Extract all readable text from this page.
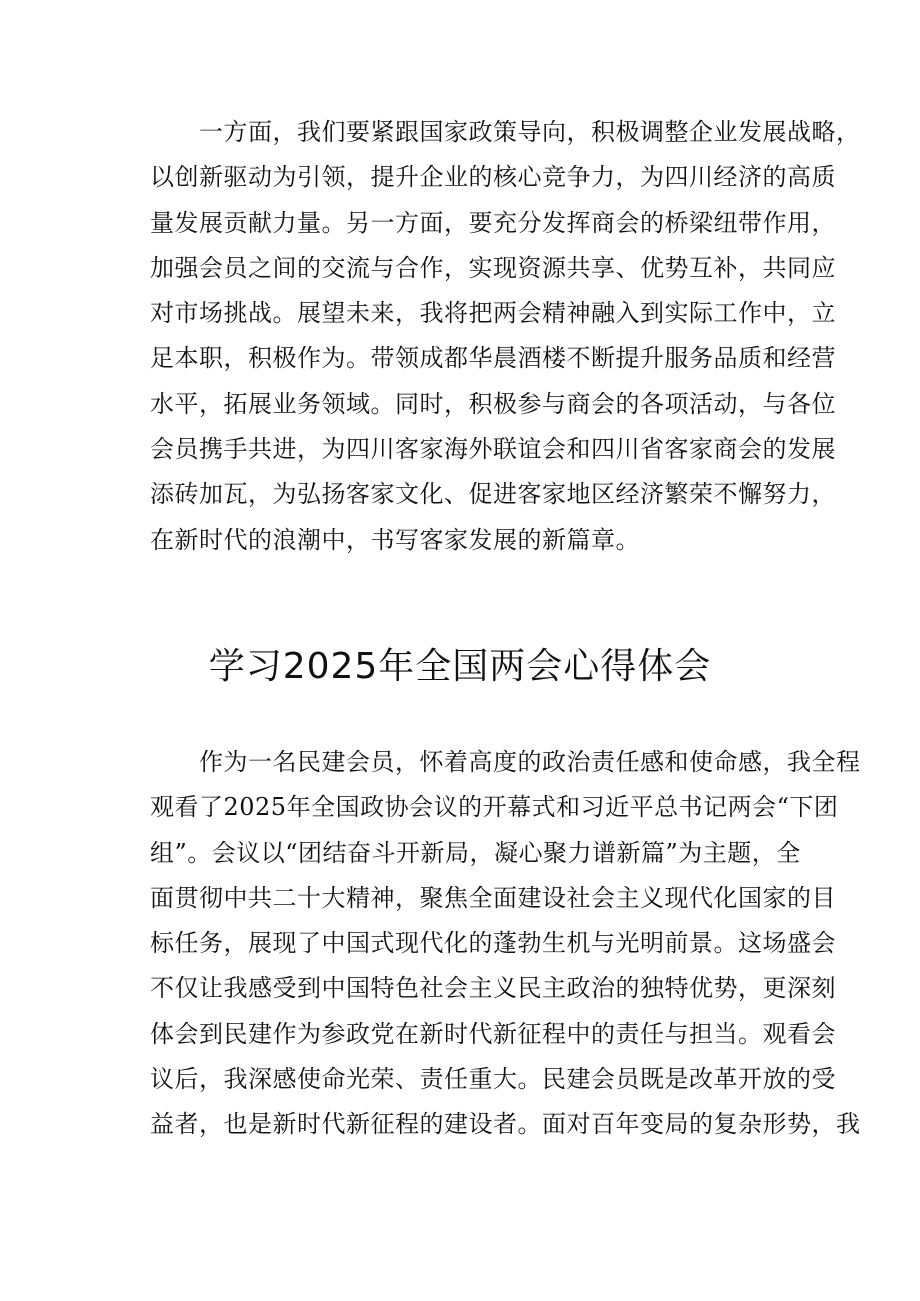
　　一方面，我们要紧跟国家政策导向，积极调整企业发展战略，
以创新驱动为引领，提升企业的核心竞争力，为四川经济的高质
量发展贡献力量。另一方面，要充分发挥商会的桥梁纽带作用，
加强会员之间的交流与合作，实现资源共享、优势互补，共同应
对市场挑战。展望未来，我将把两会精神融入到实际工作中，立
足本职，积极作为。带领成都华晨酒楼不断提升服务品质和经营
水平，拓展业务领域。同时，积极参与商会的各项活动，与各位
会员携手共进，为四川客家海外联谊会和四川省客家商会的发展
添砖加瓦，为弘扬客家文化、促进客家地区经济繁荣不懈努力，
在新时代的浪潮中，书写客家发展的新篇章。
学习2025年全国两会心得体会
　　作为一名民建会员，怀着高度的政治责任感和使命感，我全程
观看了2025年全国政协会议的开幕式和习近平总书记两会“下团
组”。会议以“团结奋斗开新局，凝心聚力谱新篇”为主题，全
面贯彻中共二十大精神，聚焦全面建设社会主义现代化国家的目
标任务，展现了中国式现代化的蓬勃生机与光明前景。这场盛会
不仅让我感受到中国特色社会主义民主政治的独特优势，更深刻
体会到民建作为参政党在新时代新征程中的责任与担当。观看会
议后，我深感使命光荣、责任重大。民建会员既是改革开放的受
益者，也是新时代新征程的建设者。面对百年变局的复杂形势，我
